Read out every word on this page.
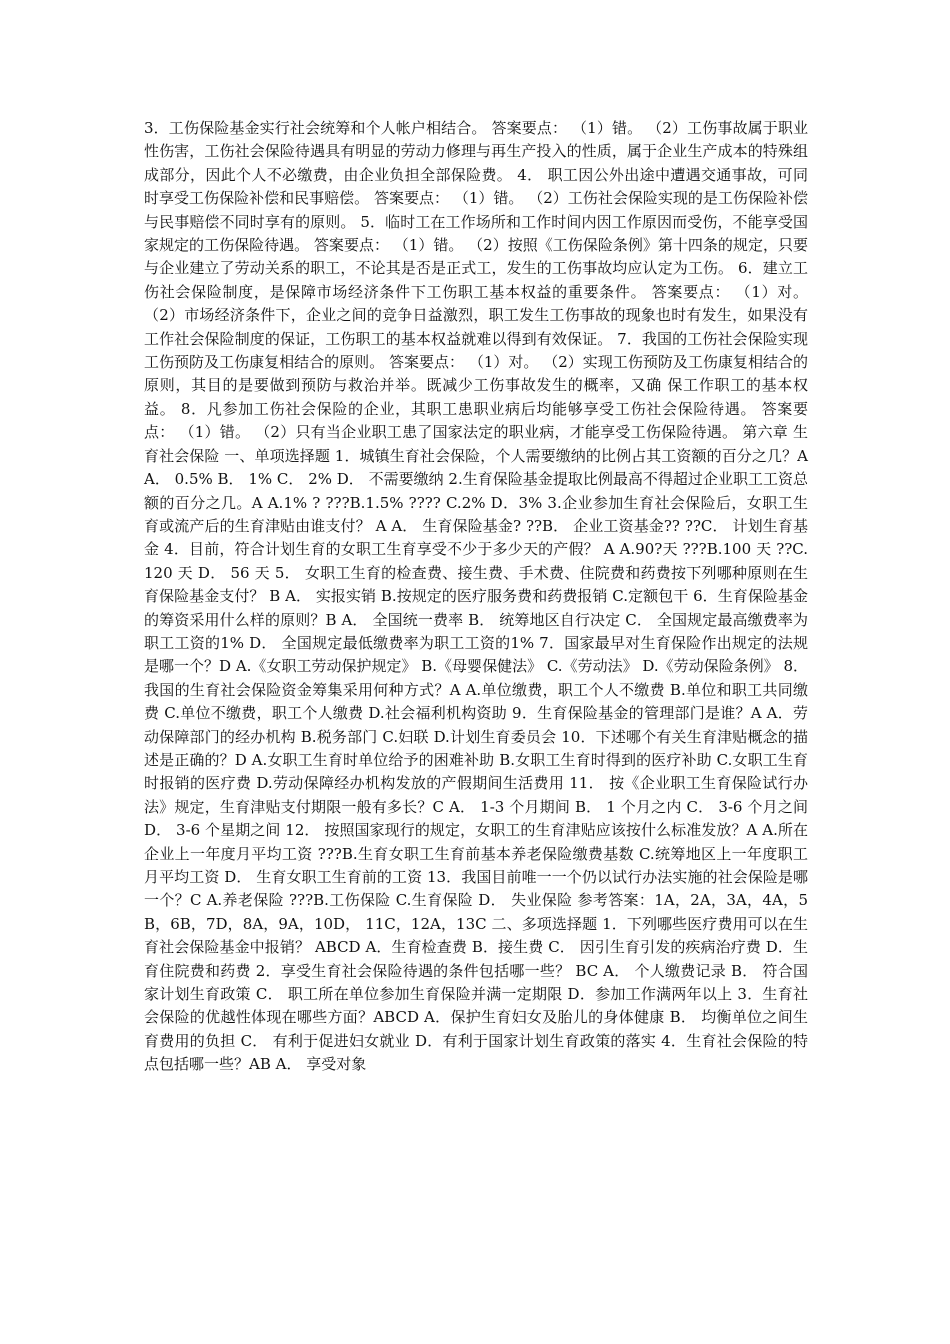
3．工伤保险基金实行社会统筹和个人帐户相结合。 答案要点： （1）错。 （2）工伤事故属于职业性伤害，工伤社会保险待遇具有明显的劳动力修理与再生产投入的性质，属于企业生产成本的特殊组成部分，因此个人不必缴费，由企业负担全部保险费。 4． 职工因公外出途中遭遇交通事故，可同时享受工伤保险补偿和民事赔偿。 答案要点： （1）错。 （2）工伤社会保险实现的是工伤保险补偿与民事赔偿不同时享有的原则。 5．临时工在工作场所和工作时间内因工作原因而受伤，不能享受国家规定的工伤保险待遇。 答案要点： （1）错。 （2）按照《工伤保险条例》第十四条的规定，只要与企业建立了劳动关系的职工，不论其是否是正式工，发生的工伤事故均应认定为工伤。 6．建立工伤社会保险制度，是保障市场经济条件下工伤职工基本权益的重要条件。 答案要点： （1）对。 （2）市场经济条件下，企业之间的竞争日益激烈，职工发生工伤事故的现象也时有发生，如果没有工作社会保险制度的保证，工伤职工的基本权益就难以得到有效保证。 7．我国的工伤社会保险实现工伤预防及工伤康复相结合的原则。 答案要点： （1）对。 （2）实现工伤预防及工伤康复相结合的原则，其目的是要做到预防与救治并举。既减少工伤事故发生的概率，又确 保工作职工的基本权益。 8．凡参加工伤社会保险的企业，其职工患职业病后均能够享受工伤社会保险待遇。 答案要点： （1）错。 （2）只有当企业职工患了国家法定的职业病，才能享受工伤保险待遇。 第六章 生育社会保险 一、单项选择题 1．城镇生育社会保险，个人需要缴纳的比例占其工资额的百分之几？A A． 0.5% B． 1% C． 2% D． 不需要缴纳 2.生育保险基金提取比例最高不得超过企业职工工资总额的百分之几。A A.1% ? ???B.1.5% ???? C.2% D．3% 3.企业参加生育社会保险后，女职工生育或流产后的生育津贴由谁支付？ A A． 生育保险基金? ??B． 企业工资基金?? ??C． 计划生育基金 4．目前，符合计划生育的女职工生育享受不少于多少天的产假？ A A.90?天 ???B.100 天 ??C.120 天 D． 56 天 5． 女职工生育的检查费、接生费、手术费、住院费和药费按下列哪种原则在生育保险基金支付？ B A． 实报实销 B.按规定的医疗服务费和药费报销 C.定额包干 6．生育保险基金的筹资采用什么样的原则？B A． 全国统一费率 B． 统筹地区自行决定 C． 全国规定最高缴费率为职工工资的1% D． 全国规定最低缴费率为职工工资的1% 7．国家最早对生育保险作出规定的法规是哪一个？D A.《女职工劳动保护规定》 B.《母婴保健法》 C.《劳动法》 D.《劳动保险条例》 8．我国的生育社会保险资金筹集采用何种方式？A A.单位缴费，职工个人不缴费 B.单位和职工共同缴费 C.单位不缴费，职工个人缴费 D.社会福利机构资助 9．生育保险基金的管理部门是谁？A A．劳动保障部门的经办机构 B.税务部门 C.妇联 D.计划生育委员会 10．下述哪个有关生育津贴概念的描述是正确的？D A.女职工生育时单位给予的困难补助 B.女职工生育时得到的医疗补助 C.女职工生育时报销的医疗费 D.劳动保障经办机构发放的产假期间生活费用 11． 按《企业职工生育保险试行办法》规定，生育津贴支付期限一般有多长？C A． 1-3 个月期间 B． 1 个月之内 C． 3-6 个月之间 D． 3-6 个星期之间 12． 按照国家现行的规定，女职工的生育津贴应该按什么标准发放？A A.所在企业上一年度月平均工资 ???B.生育女职工生育前基本养老保险缴费基数 C.统筹地区上一年度职工月平均工资 D． 生育女职工生育前的工资 13．我国目前唯一一个仍以试行办法实施的社会保险是哪一个？C A.养老保险 ???B.工伤保险 C.生育保险 D． 失业保险 参考答案：1A，2A，3A，4A，5B，6B，7D，8A，9A，10D， 11C，12A，13C 二、多项选择题 1．下列哪些医疗费用可以在生育社会保险基金中报销？ ABCD A．生育检查费 B．接生费 C． 因引生育引发的疾病治疗费 D．生育住院费和药费 2．享受生育社会保险待遇的条件包括哪一些？ BC A． 个人缴费记录 B． 符合国家计划生育政策 C． 职工所在单位参加生育保险并满一定期限 D．参加工作满两年以上 3．生育社会保险的优越性体现在哪些方面？ABCD A．保护生育妇女及胎儿的身体健康 B． 均衡单位之间生育费用的负担 C． 有利于促进妇女就业 D．有利于国家计划生育政策的落实 4．生育社会保险的特点包括哪一些？AB A． 享受对象
